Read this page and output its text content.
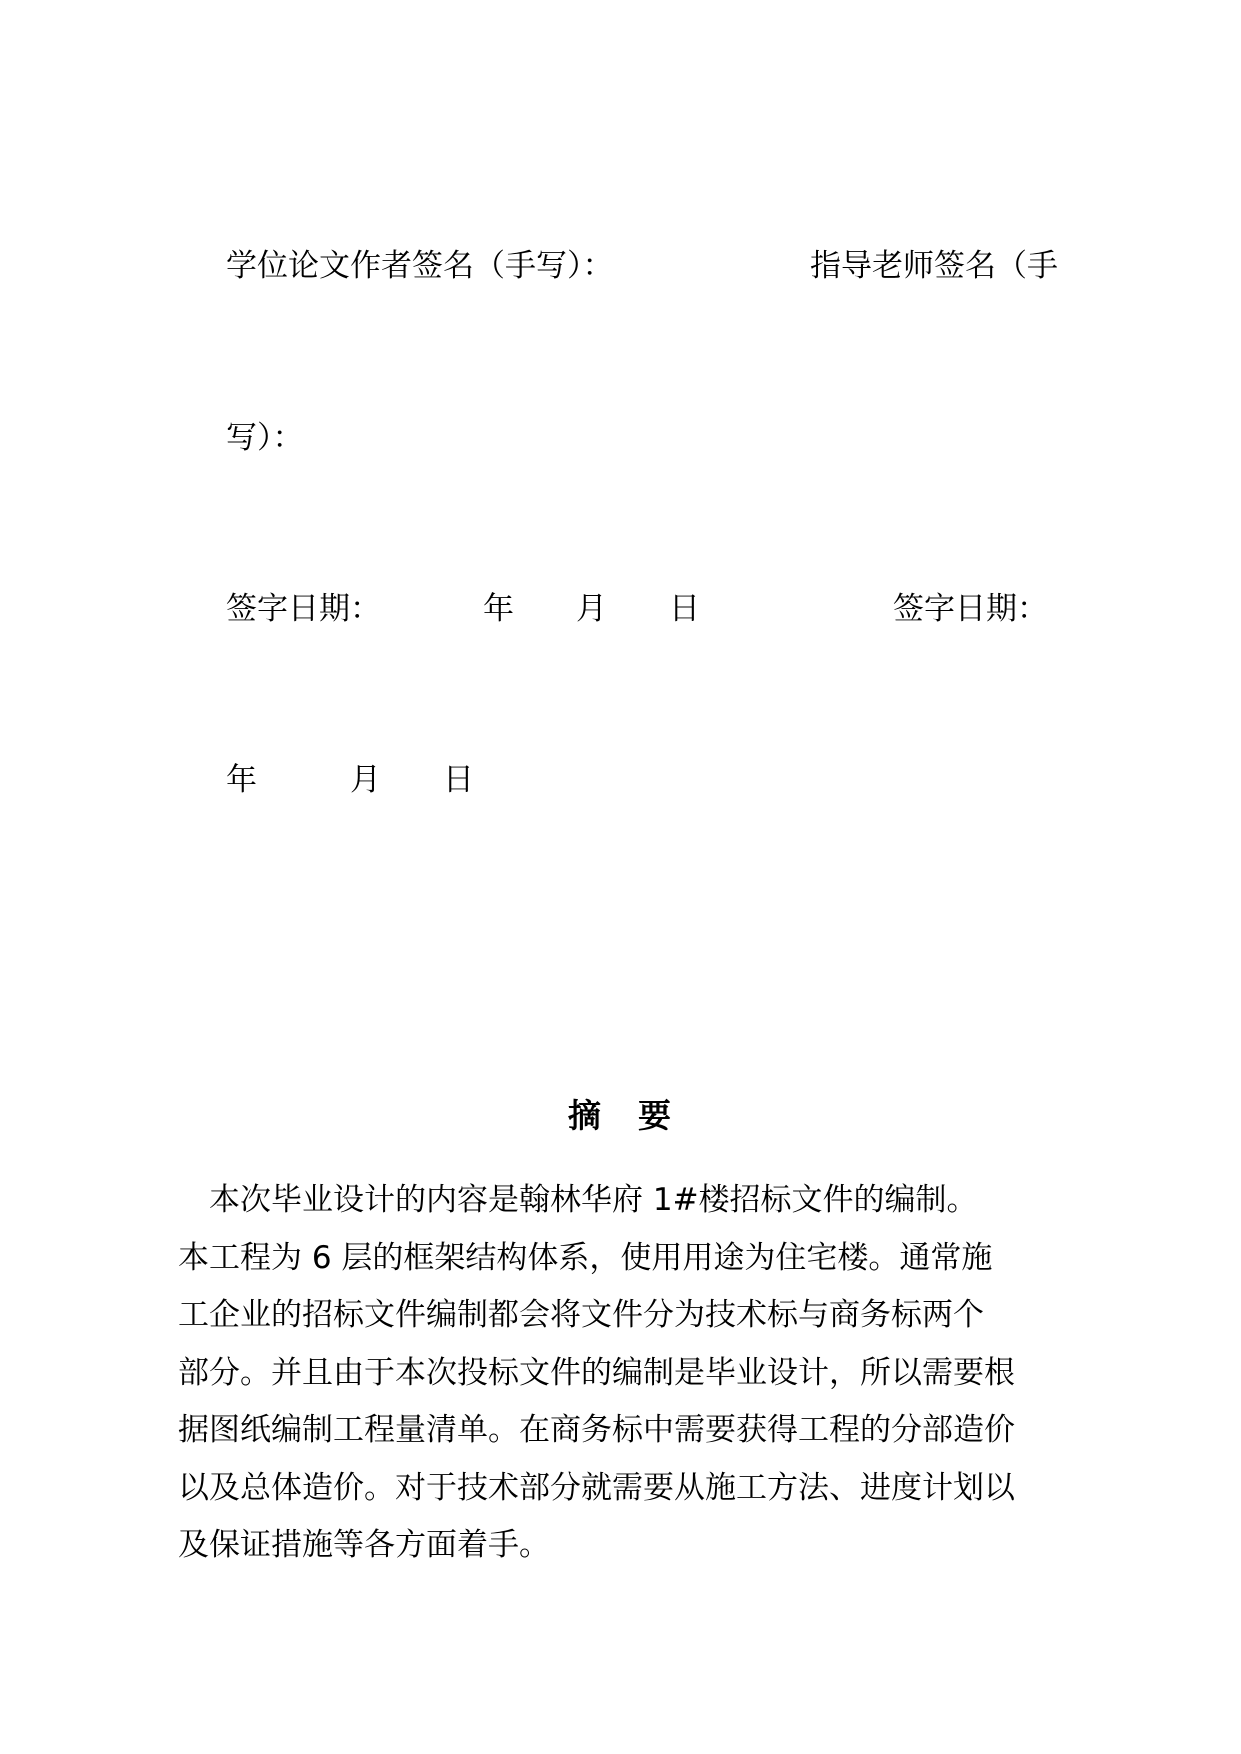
学位论文作者签名（手写）：	指导老师签名（手
写）：
签字日期：	年　　月　　日	签字日期：
年　　　月　　日
摘　要

　本次毕业设计的内容是翰林华府 1#楼招标文件的编制。

本工程为 6 层的框架结构体系，使用用途为住宅楼。通常施

工企业的招标文件编制都会将文件分为技术标与商务标两个

部分。并且由于本次投标文件的编制是毕业设计，所以需要根

据图纸编制工程量清单。在商务标中需要获得工程的分部造价

以及总体造价。对于技术部分就需要从施工方法、进度计划以

及保证措施等各方面着手。
